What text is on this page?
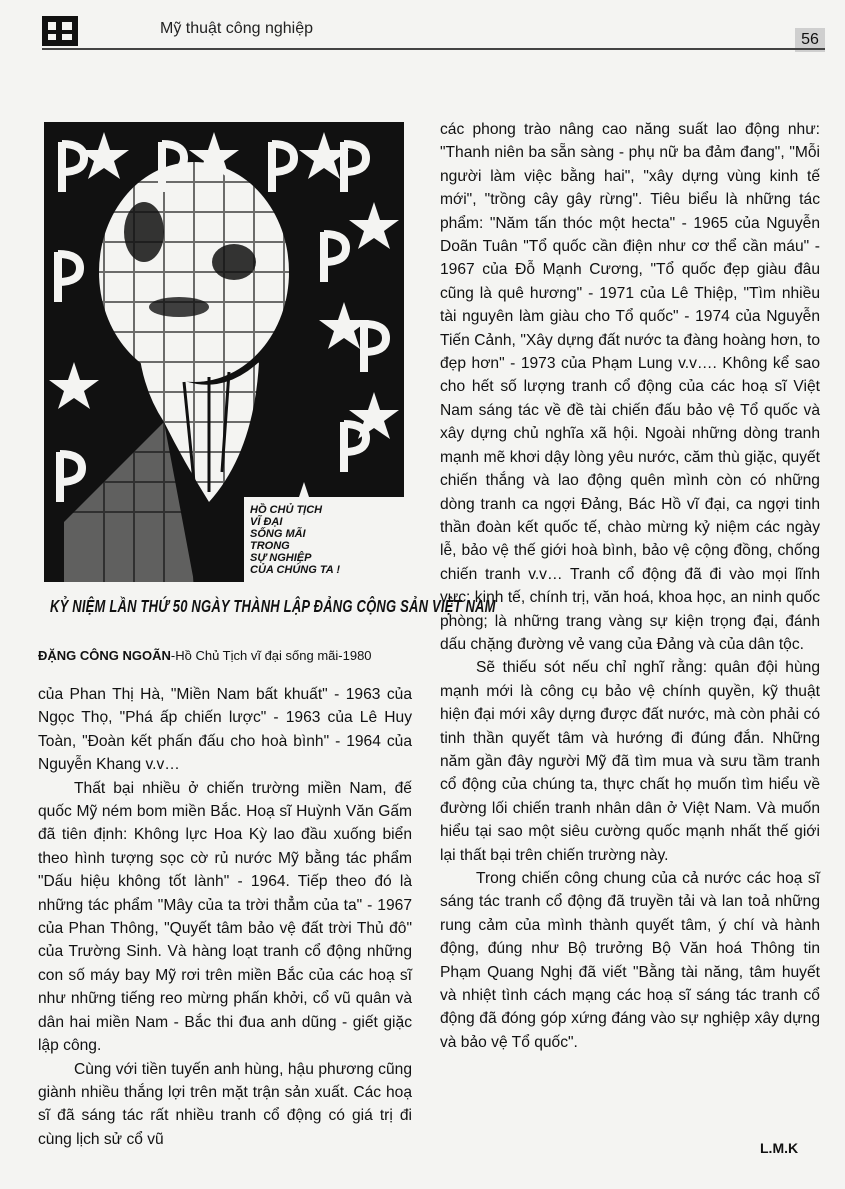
Mỹ thuật công nghiệp
56
HỒ CHỦ TỊCH
VĨ ĐẠI
SỐNG MÃI
TRONG
SỰ NGHIỆP
CỦA CHÚNG TA !
KỶ NIỆM LẦN THỨ 50 NGÀY THÀNH LẬP ĐẢNG CỘNG SẢN VIỆT NAM
ĐẶNG CÔNG NGOÃN-Hồ Chủ Tịch vĩ đại sống mãi-1980

của Phan Thị Hà, "Miền Nam bất khuất" - 1963 của Ngọc Thọ, "Phá ấp chiến lược" - 1963 của Lê Huy Toàn, "Đoàn kết phấn đấu cho hoà bình" - 1964 của Nguyễn Khang v.v…

Thất bại nhiều ở chiến trường miền Nam, đế quốc Mỹ ném bom miền Bắc. Hoạ sĩ Huỳnh Văn Gấm đã tiên định: Không lực Hoa Kỳ lao đầu xuống biển theo hình tượng sọc cờ rủ nước Mỹ bằng tác phẩm "Dấu hiệu không tốt lành" - 1964. Tiếp theo đó là những tác phẩm "Mây của ta trời thẳm của ta" - 1967 của Phan Thông, "Quyết tâm bảo vệ đất trời Thủ đô" của Trường Sinh. Và hàng loạt tranh cổ động những con số máy bay Mỹ rơi trên miền Bắc của các hoạ sĩ như những tiếng reo mừng phấn khởi, cổ vũ quân và dân hai miền Nam - Bắc thi đua anh dũng - giết giặc lập công.

Cùng với tiền tuyến anh hùng, hậu phương cũng giành nhiều thắng lợi trên mặt trận sản xuất. Các hoạ sĩ đã sáng tác rất nhiều tranh cổ động có giá trị đi cùng lịch sử cổ vũ

các phong trào nâng cao năng suất lao động như: "Thanh niên ba sẵn sàng - phụ nữ ba đảm đang", "Mỗi người làm việc bằng hai", "xây dựng vùng kinh tế mới", "trồng cây gây rừng". Tiêu biểu là những tác phẩm: "Năm tấn thóc một hecta" - 1965 của Nguyễn Doãn Tuân "Tổ quốc cần điện như cơ thể cần máu" - 1967 của Đỗ Mạnh Cương, "Tổ quốc đẹp giàu đâu cũng là quê hương" - 1971 của Lê Thiệp, "Tìm nhiều tài nguyên làm giàu cho Tổ quốc" - 1974 của Nguyễn Tiến Cảnh, "Xây dựng đất nước ta đàng hoàng hơn, to đẹp hơn" - 1973 của Phạm Lung v.v…. Không kể sao cho hết số lượng tranh cổ động của các hoạ sĩ Việt Nam sáng tác về đề tài chiến đấu bảo vệ Tổ quốc và xây dựng chủ nghĩa xã hội. Ngoài những dòng tranh mạnh mẽ khơi dậy lòng yêu nước, căm thù giặc, quyết chiến thắng và lao động quên mình còn có những dòng tranh ca ngợi Đảng, Bác Hồ vĩ đại, ca ngợi tinh thần đoàn kết quốc tế, chào mừng kỷ niệm các ngày lễ, bảo vệ thế giới hoà bình, bảo vệ cộng đồng, chống chiến tranh v.v… Tranh cổ động đã đi vào mọi lĩnh vực: kinh tế, chính trị, văn hoá, khoa học, an ninh quốc phòng; là những trang vàng sự kiện trọng đại, đánh dấu chặng đường vẻ vang của Đảng và của dân tộc.

Sẽ thiếu sót nếu chỉ nghĩ rằng: quân đội hùng mạnh mới là công cụ bảo vệ chính quyền, kỹ thuật hiện đại mới xây dựng được đất nước, mà còn phải có tinh thần quyết tâm và hướng đi đúng đắn. Những năm gần đây người Mỹ đã tìm mua và sưu tầm tranh cổ động của chúng ta, thực chất họ muốn tìm hiểu về đường lối chiến tranh nhân dân ở Việt Nam. Và muốn hiểu tại sao một siêu cường quốc mạnh nhất thế giới lại thất bại trên chiến trường này.

Trong chiến công chung của cả nước các hoạ sĩ sáng tác tranh cổ động đã truyền tải và lan toả những rung cảm của mình thành quyết tâm, ý chí và hành động, đúng như Bộ trưởng Bộ Văn hoá Thông tin Phạm Quang Nghị đã viết "Bằng tài năng, tâm huyết và nhiệt tình cách mạng các hoạ sĩ sáng tác tranh cổ động đã đóng góp xứng đáng vào sự nghiệp xây dựng và bảo vệ Tổ quốc".

L.M.K
